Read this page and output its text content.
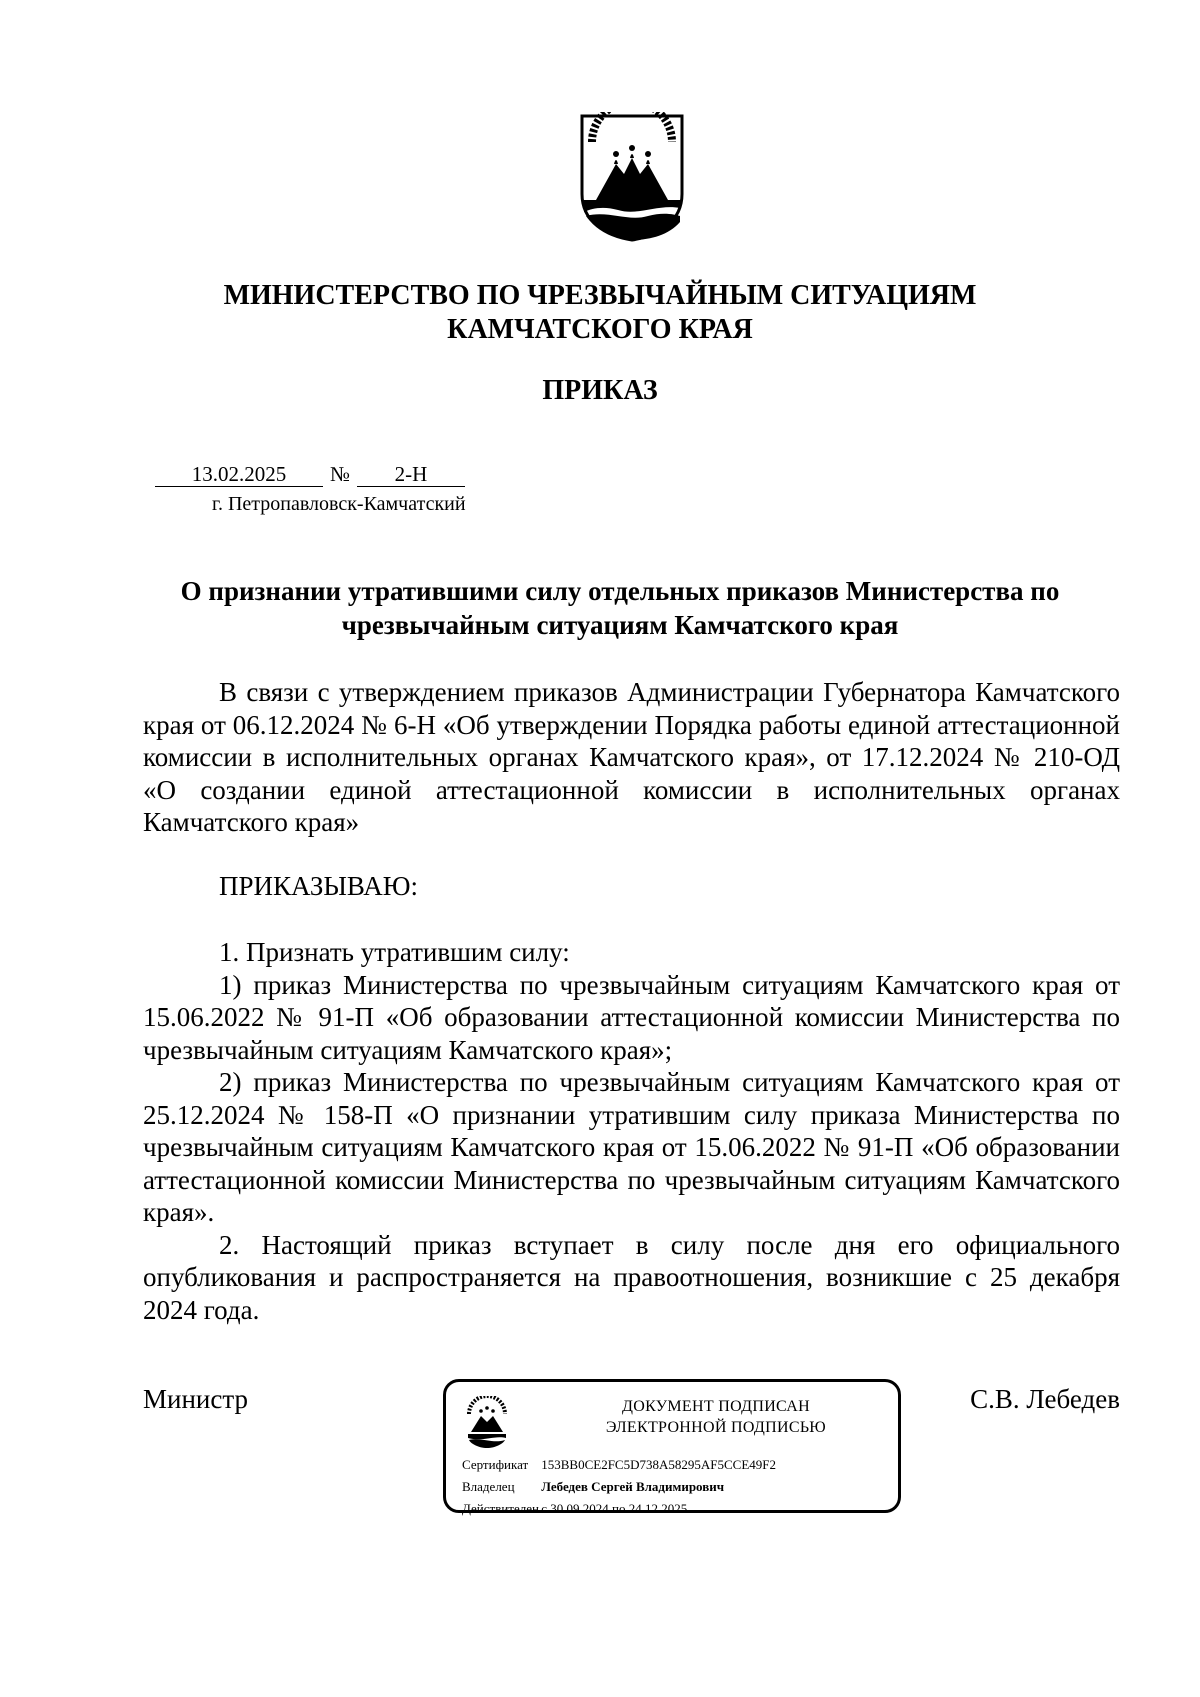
МИНИСТЕРСТВО ПО ЧРЕЗВЫЧАЙНЫМ СИТУАЦИЯМ
КАМЧАТСКОГО КРАЯ
ПРИКАЗ
13.02.2025 № 2-Н
г. Петропавловск-Камчатский
О признании утратившими силу отдельных приказов Министерства по
чрезвычайным ситуациям Камчатского края

В связи с утверждением приказов Администрации Губернатора Камчатского края от 06.12.2024 № 6-Н «Об утверждении Порядка работы единой аттестационной комиссии в исполнительных органах Камчатского края», от 17.12.2024 № 210-ОД «О создании единой аттестационной комиссии в исполнительных органах Камчатского края»

ПРИКАЗЫВАЮ:

1. Признать утратившим силу:

1) приказ Министерства по чрезвычайным ситуациям Камчатского края от 15.06.2022 № 91-П «Об образовании аттестационной комиссии Министерства по чрезвычайным ситуациям Камчатского края»;

2) приказ Министерства по чрезвычайным ситуациям Камчатского края от 25.12.2024 № 158-П «О признании утратившим силу приказа Министерства по чрезвычайным ситуациям Камчатского края от 15.06.2022 № 91-П «Об образовании аттестационной комиссии Министерства по чрезвычайным ситуациям Камчатского края».

2. Настоящий приказ вступает в силу после дня его официального опубликования и распространяется на правоотношения, возникшие с 25 декабря 2024 года.

Министр	ДОКУМЕНТ ПОДПИСАН
ЭЛЕКТРОННОЙ ПОДПИСЬЮ
Сертификат 153BB0CE2FC5D738A58295AF5CCE49F2
Владелец Лебедев Сергей Владимирович
Действителен с 30.09.2024 по 24.12.2025
С.В. Лебедев
